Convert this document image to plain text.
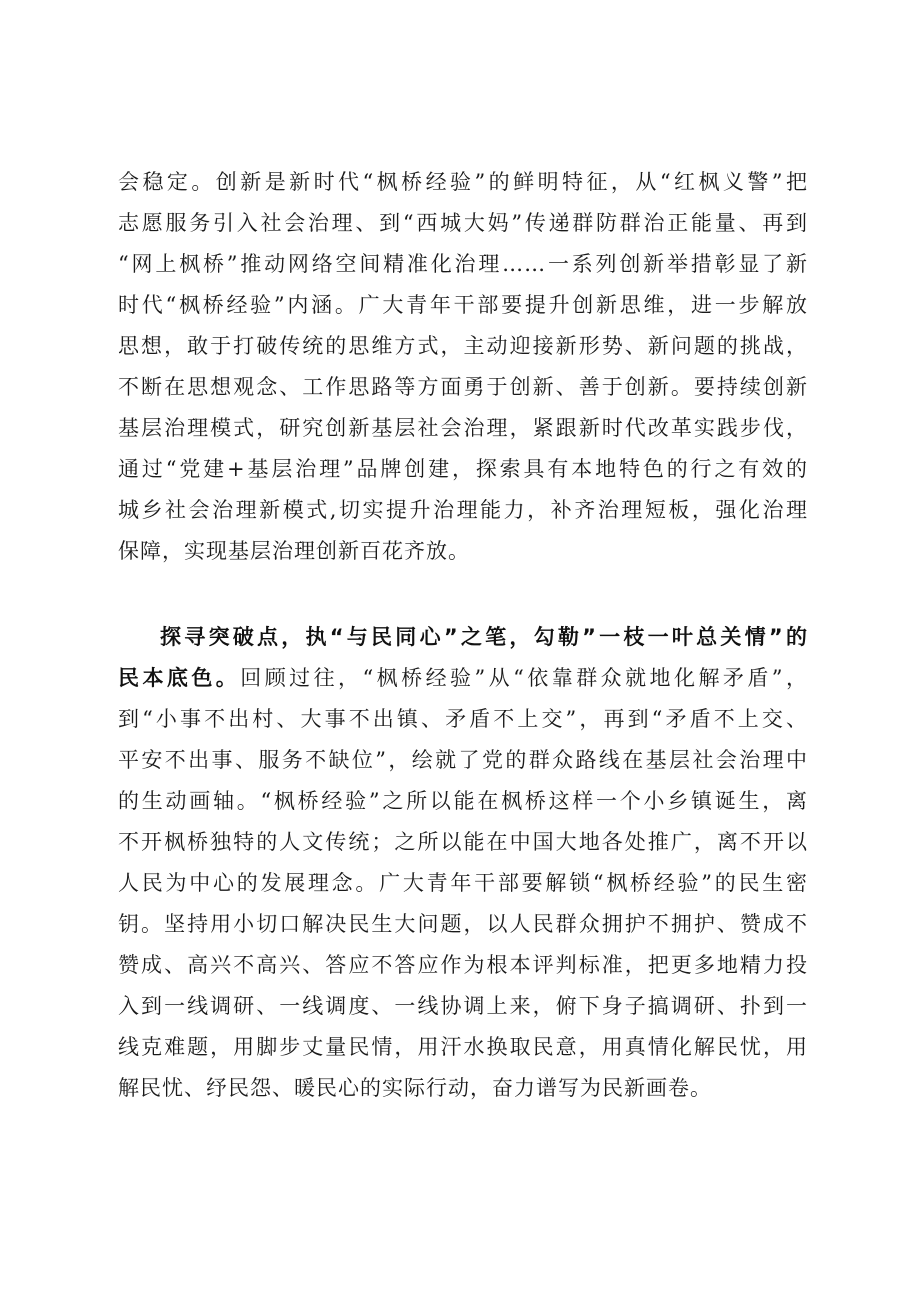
会稳定。创新是新时代“枫桥经验”的鲜明特征，从“红枫义警”把
志愿服务引入社会治理、到“西城大妈”传递群防群治正能量、再到
“网上枫桥”推动网络空间精准化治理……一系列创新举措彰显了新
时代“枫桥经验”内涵。广大青年干部要提升创新思维，进一步解放
思想，敢于打破传统的思维方式，主动迎接新形势、新问题的挑战，
不断在思想观念、工作思路等方面勇于创新、善于创新。要持续创新
基层治理模式，研究创新基层社会治理，紧跟新时代改革实践步伐，
通过“党建+基层治理”品牌创建，探索具有本地特色的行之有效的
城乡社会治理新模式,切实提升治理能力，补齐治理短板，强化治理
保障，实现基层治理创新百花齐放。
探寻突破点，执“与民同心”之笔，勾勒”一枝一叶总关情”的
民本底色。回顾过往，“枫桥经验”从“依靠群众就地化解矛盾”，
到“小事不出村、大事不出镇、矛盾不上交”，再到“矛盾不上交、
平安不出事、服务不缺位”，绘就了党的群众路线在基层社会治理中
的生动画轴。“枫桥经验”之所以能在枫桥这样一个小乡镇诞生，离
不开枫桥独特的人文传统；之所以能在中国大地各处推广，离不开以
人民为中心的发展理念。广大青年干部要解锁“枫桥经验”的民生密
钥。坚持用小切口解决民生大问题，以人民群众拥护不拥护、赞成不
赞成、高兴不高兴、答应不答应作为根本评判标准，把更多地精力投
入到一线调研、一线调度、一线协调上来，俯下身子搞调研、扑到一
线克难题，用脚步丈量民情，用汗水换取民意，用真情化解民忧，用
解民忧、纾民怨、暖民心的实际行动，奋力谱写为民新画卷。
